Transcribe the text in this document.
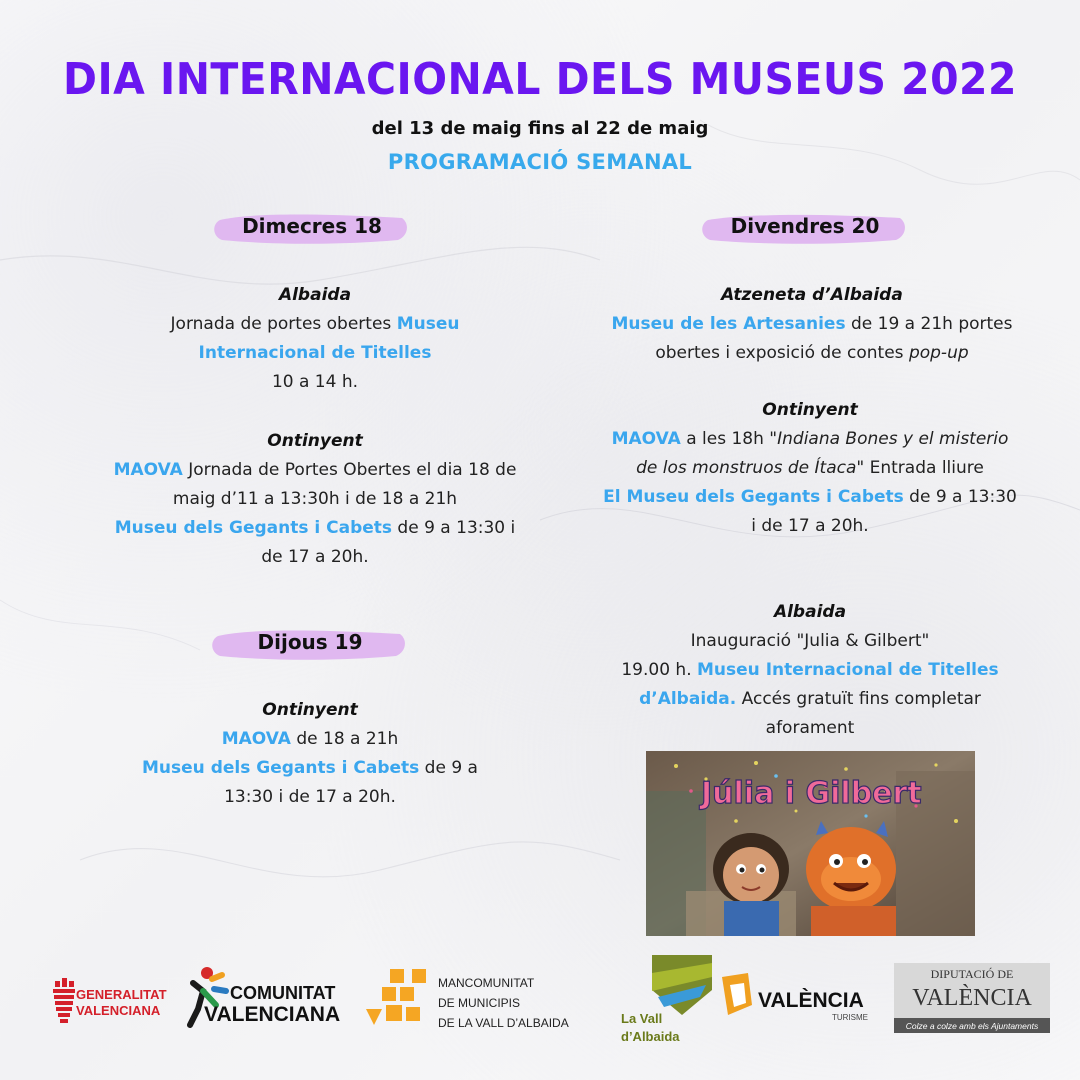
DIA INTERNACIONAL DELS MUSEUS 2022
del 13 de maig fins al 22 de maig
PROGRAMACIÓ SEMANAL
Dimecres 18	Divendres 20
Dijous 19
Albaida
Jornada de portes obertes Museu Internacional de Titelles
10 a 14 h.
Ontinyent
MAOVA Jornada de Portes Obertes el dia 18 de maig d’11 a 13:30h i de 18 a 21h
Museu dels Gegants i Cabets de 9 a 13:30 i de 17 a 20h.
Ontinyent
MAOVA de 18 a 21h
Museu dels Gegants i Cabets de 9 a 13:30 i de 17 a 20h.
Atzeneta d’Albaida
Museu de les Artesanies de 19 a 21h portes obertes i exposició de contes pop-up
Ontinyent
MAOVA a les 18h "Indiana Bones y el misterio de los monstruos de Ítaca" Entrada lliure
El Museu dels Gegants i Cabets de 9 a 13:30 i de 17 a 20h.
Albaida
Inauguració "Julia & Gilbert"
19.00 h. Museu Internacional de Titelles d’Albaida. Accés gratuït fins completar aforament
Júlia i Gilbert
GENERALITAT
VALENCIANA
COMUNITAT
VALENCIANA
MANCOMUNITAT
DE MUNICIPIS
DE LA VALL D’ALBAIDA	La Vall
d’Albaida
VALÈNCIA
TURISME
DIPUTACIÓ DE
VALÈNCIA
Colze a colze amb els Ajuntaments
